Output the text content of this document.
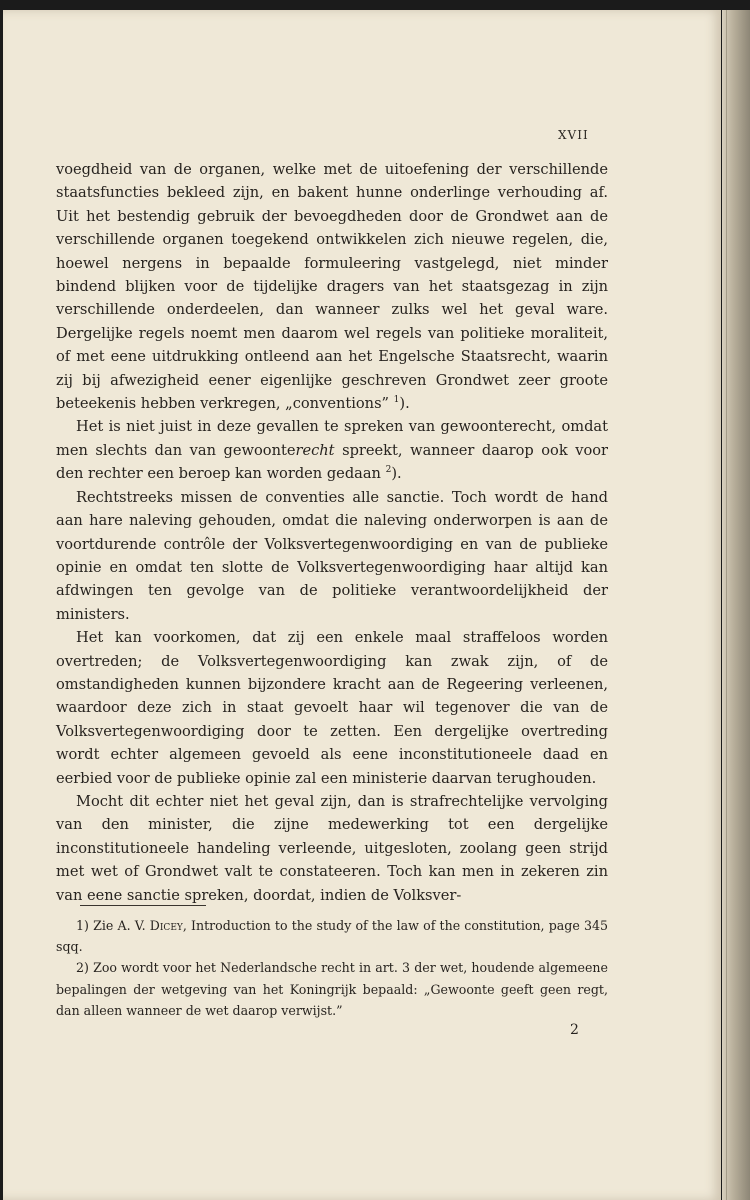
XVII

voegdheid van de organen, welke met de uitoefening der verschillende staatsfuncties bekleed zijn, en bakent hunne onderlinge verhouding af. Uit het bestendig gebruik der bevoegdheden door de Grondwet aan de verschillende organen toegekend ontwikkelen zich nieuwe regelen, die, hoewel nergens in bepaalde formuleering vastgelegd, niet minder bindend blijken voor de tijdelijke dragers van het staatsgezag in zijn verschillende onderdeelen, dan wanneer zulks wel het geval ware. Dergelijke regels noemt men daarom wel regels van politieke moraliteit, of met eene uitdrukking ontleend aan het Engelsche Staatsrecht, waarin zij bij afwezigheid eener eigenlijke geschreven Grondwet zeer groote beteekenis hebben verkregen, „conventions” $^1$).

Het is niet juist in deze gevallen te spreken van gewoonterecht, omdat men slechts dan van gewoonterecht spreekt, wanneer daarop ook voor den rechter een beroep kan worden gedaan $^2$).

Rechtstreeks missen de conventies alle sanctie. Toch wordt de hand aan hare naleving gehouden, omdat die naleving onderworpen is aan de voortdurende contrôle der Volksvertegenwoordiging en van de publieke opinie en omdat ten slotte de Volksvertegenwoordiging haar altijd kan afdwingen ten gevolge van de politieke verantwoordelijkheid der ministers.

Het kan voorkomen, dat zij een enkele maal straffeloos worden overtreden; de Volksvertegenwoordiging kan zwak zijn, of de omstandigheden kunnen bijzondere kracht aan de Regeering verleenen, waardoor deze zich in staat gevoelt haar wil tegenover die van de Volksvertegenwoordiging door te zetten. Een dergelijke overtreding wordt echter algemeen gevoeld als eene inconstitutioneele daad en eerbied voor de publieke opinie zal een ministerie daarvan terughouden.

Mocht dit echter niet het geval zijn, dan is strafrechtelijke vervolging van den minister, die zijne medewerking tot een dergelijke inconstitutioneele handeling verleende, uitgesloten, zoolang geen strijd met wet of Grondwet valt te constateeren. Toch kan men in zekeren zin van eene sanctie spreken, doordat, indien de Volksver-

1) Zie A. V. Dicey, Introduction to the study of the law of the constitution, page 345 sqq.

2) Zoo wordt voor het Nederlandsche recht in art. 3 der wet, houdende algemeene bepalingen der wetgeving van het Koningrijk bepaald: „Gewoonte geeft geen regt, dan alleen wanneer de wet daarop verwijst.”

2
